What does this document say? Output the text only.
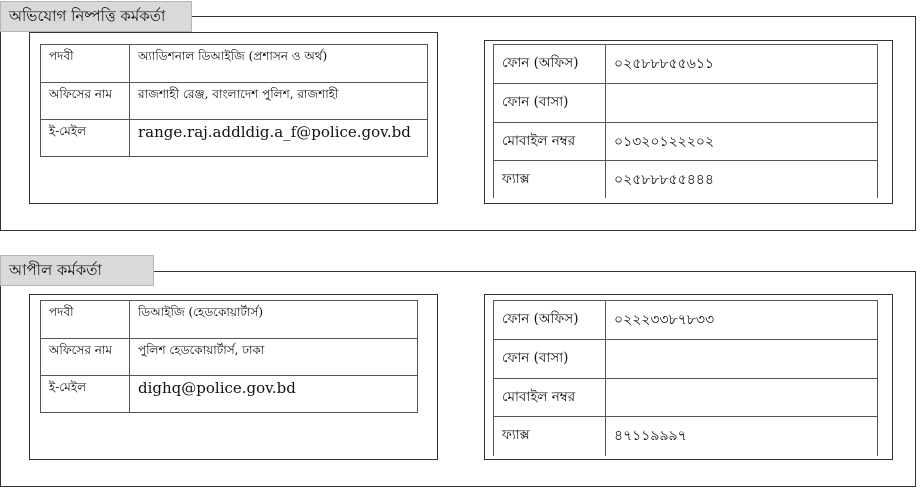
অভিযোগ নিষ্পত্তি কর্মকর্তা
পদবী	অ্যাডিশনাল ডিআইজি (প্রশাসন ও অর্থ)
অফিসের নাম	রাজশাহী রেঞ্জ, বাংলাদেশ পুলিশ, রাজশাহী
ই-মেইল	range.raj.addldig.a_f@police.gov.bd
ফোন (অফিস)	০২৫৮৮৮৫৫৬১১
ফোন (বাসা)	
মোবাইল নম্বর	০১৩২০১২২২০২
ফ্যাক্স	০২৫৮৮৮৫৫৪৪৪
আপীল কর্মকর্তা
পদবী	ডিআইজি (হেডকোয়ার্টার্স)
অফিসের নাম	পুলিশ হেডকোয়ার্টার্স, ঢাকা
ই-মেইল	dighq@police.gov.bd
ফোন (অফিস)	০২২২৩৩৮৭৮৩৩
ফোন (বাসা)	
মোবাইল নম্বর	
ফ্যাক্স	৪৭১১৯৯৯৭
